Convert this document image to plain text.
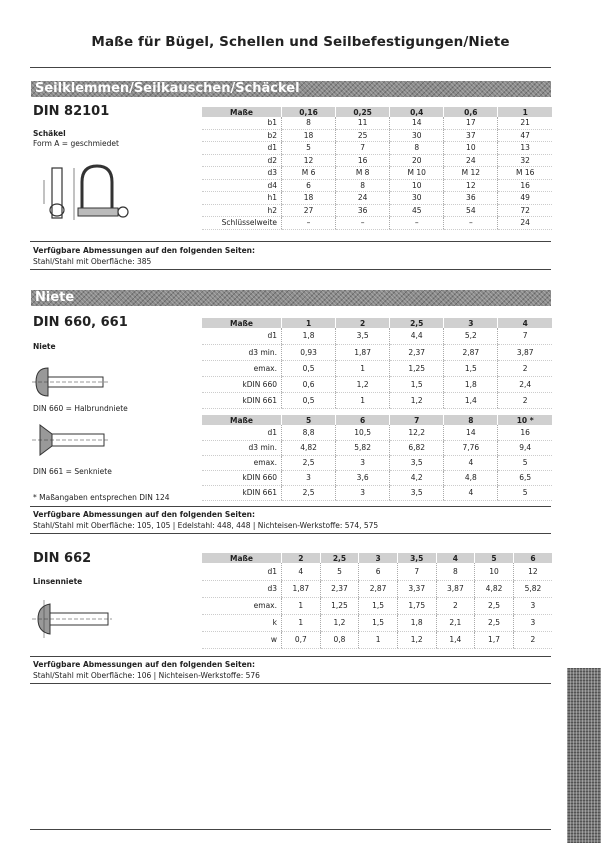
Maße für Bügel, Schellen und Seilbefestigungen/Niete
Seilklemmen/Seilkauschen/Schäckel
DIN 82101
Schäkel
Form A = geschmiedet
Maße	0,16	0,25	0,4	0,6	1
b1	8	11	14	17	21
b2	18	25	30	37	47
d1	5	7	8	10	13
d2	12	16	20	24	32
d3	M 6	M 8	M 10	M 12	M 16
d4	6	8	10	12	16
h1	18	24	30	36	49
h2	27	36	45	54	72
Schlüsselweite	–	–	–	–	24
Verfügbare Abmessungen auf den folgenden Seiten:
Stahl/Stahl mit Oberfläche: 385
Niete
DIN 660, 661
Niete
DIN 660 = Halbrundniete
DIN 661 = Senkniete
* Maßangaben entsprechen DIN 124
Maße	1	2	2,5	3	4
d1	1,8	3,5	4,4	5,2	7
d3 min.	0,93	1,87	2,37	2,87	3,87
emax.	0,5	1	1,25	1,5	2
kDIN 660	0,6	1,2	1,5	1,8	2,4
kDIN 661	0,5	1	1,2	1,4	2
Maße	5	6	7	8	10 *
d1	8,8	10,5	12,2	14	16
d3 min.	4,82	5,82	6,82	7,76	9,4
emax.	2,5	3	3,5	4	5
kDIN 660	3	3,6	4,2	4,8	6,5
kDIN 661	2,5	3	3,5	4	5
Verfügbare Abmessungen auf den folgenden Seiten:
Stahl/Stahl mit Oberfläche: 105, 105 | Edelstahl: 448, 448 | Nichteisen-Werkstoffe: 574, 575
DIN 662
Linsenniete
Maße	2	2,5	3	3,5	4	5	6
d1	4	5	6	7	8	10	12
d3	1,87	2,37	2,87	3,37	3,87	4,82	5,82
emax.	1	1,25	1,5	1,75	2	2,5	3
k	1	1,2	1,5	1,8	2,1	2,5	3
w	0,7	0,8	1	1,2	1,4	1,7	2
Verfügbare Abmessungen auf den folgenden Seiten:
Stahl/Stahl mit Oberfläche: 106 | Nichteisen-Werkstoffe: 576
